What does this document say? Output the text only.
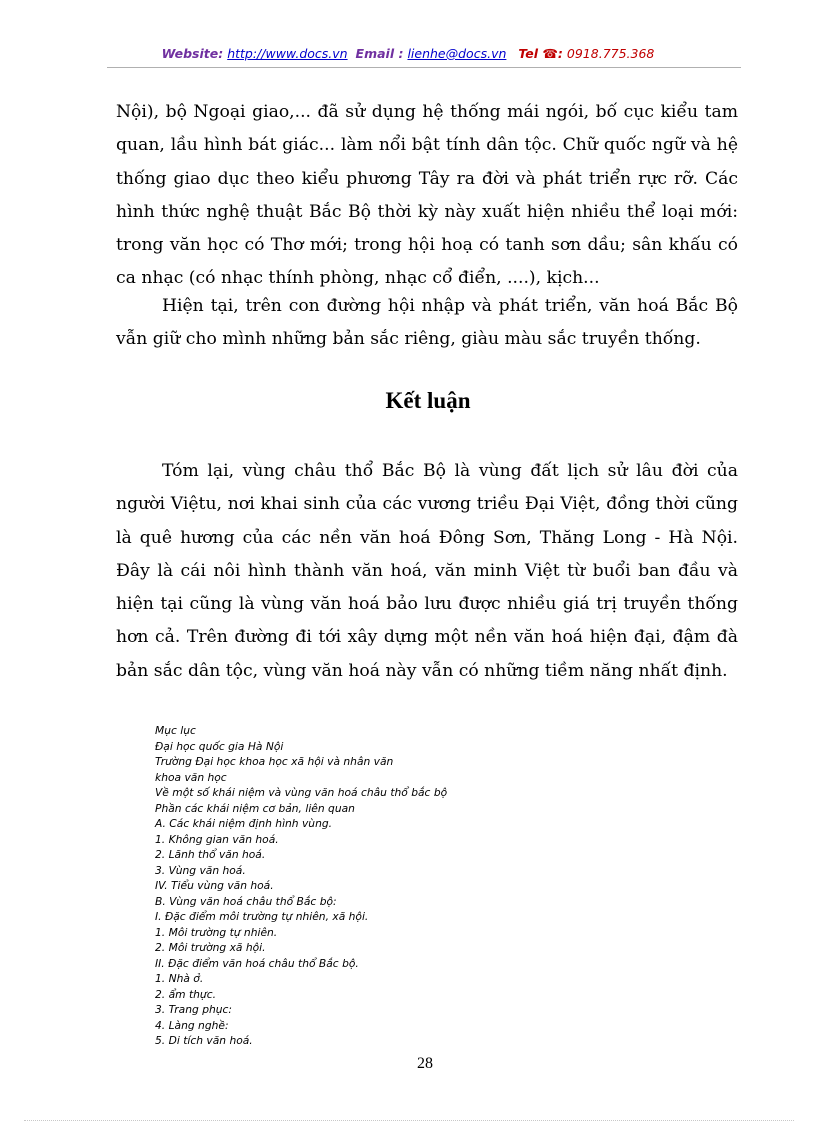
Website: http://www.docs.vn Email : lienhe@docs.vn Tel ☎: 0918.775.368

Nội), bộ Ngoại giao,... đã sử dụng hệ thống mái ngói, bố cục kiểu tam quan, lầu hình bát giác... làm nổi bật tính dân tộc. Chữ quốc ngữ và hệ thống giao dục theo kiểu phương Tây ra đời và phát triển rực rỡ. Các hình thức nghệ thuật Bắc Bộ thời kỳ này xuất hiện nhiều thể loại mới: trong văn học có Thơ mới; trong hội hoạ có tanh sơn dầu; sân khấu có ca nhạc (có nhạc thính phòng, nhạc cổ điển, ....), kịch...

Hiện tại, trên con đường hội nhập và phát triển, văn hoá Bắc Bộ vẫn giữ cho mình những bản sắc riêng, giàu màu sắc truyền thống.

Kết luận

Tóm lại, vùng châu thổ Bắc Bộ là vùng đất lịch sử lâu đời của người Việtu, nơi khai sinh của các vương triều Đại Việt, đồng thời cũng là quê hương của các nền văn hoá Đông Sơn, Thăng Long - Hà Nội. Đây là cái nôi hình thành văn hoá, văn minh Việt từ buổi ban đầu và hiện tại cũng là vùng văn hoá bảo lưu được nhiều giá trị truyền thống hơn cả. Trên đường đi tới xây dựng một nền văn hoá hiện đại, đậm đà bản sắc dân tộc, vùng văn hoá này vẫn có những tiềm năng nhất định.

Mục lục
Đại học quốc gia Hà Nội
Trường Đại học khoa học xã hội và nhân văn
khoa văn học
Về một số khái niệm và vùng văn hoá châu thổ bắc bộ
Phần các khái niệm cơ bản, liên quan
A. Các khái niệm định hình vùng.
1. Không gian văn hoá.
2. Lãnh thổ văn hoá.
3. Vùng văn hoá.
IV. Tiểu vùng văn hoá.
B. Vùng văn hoá châu thổ Bắc bộ:
I. Đặc điểm môi trường tự nhiên, xã hội.
1. Môi trường tự nhiên.
2. Môi trường xã hội.
II. Đặc điểm văn hoá châu thổ Bắc bộ.
1. Nhà ở.
2. ẩm thực.
3. Trang phục:
4. Làng nghề:
5. Di tích văn hoá.
28
